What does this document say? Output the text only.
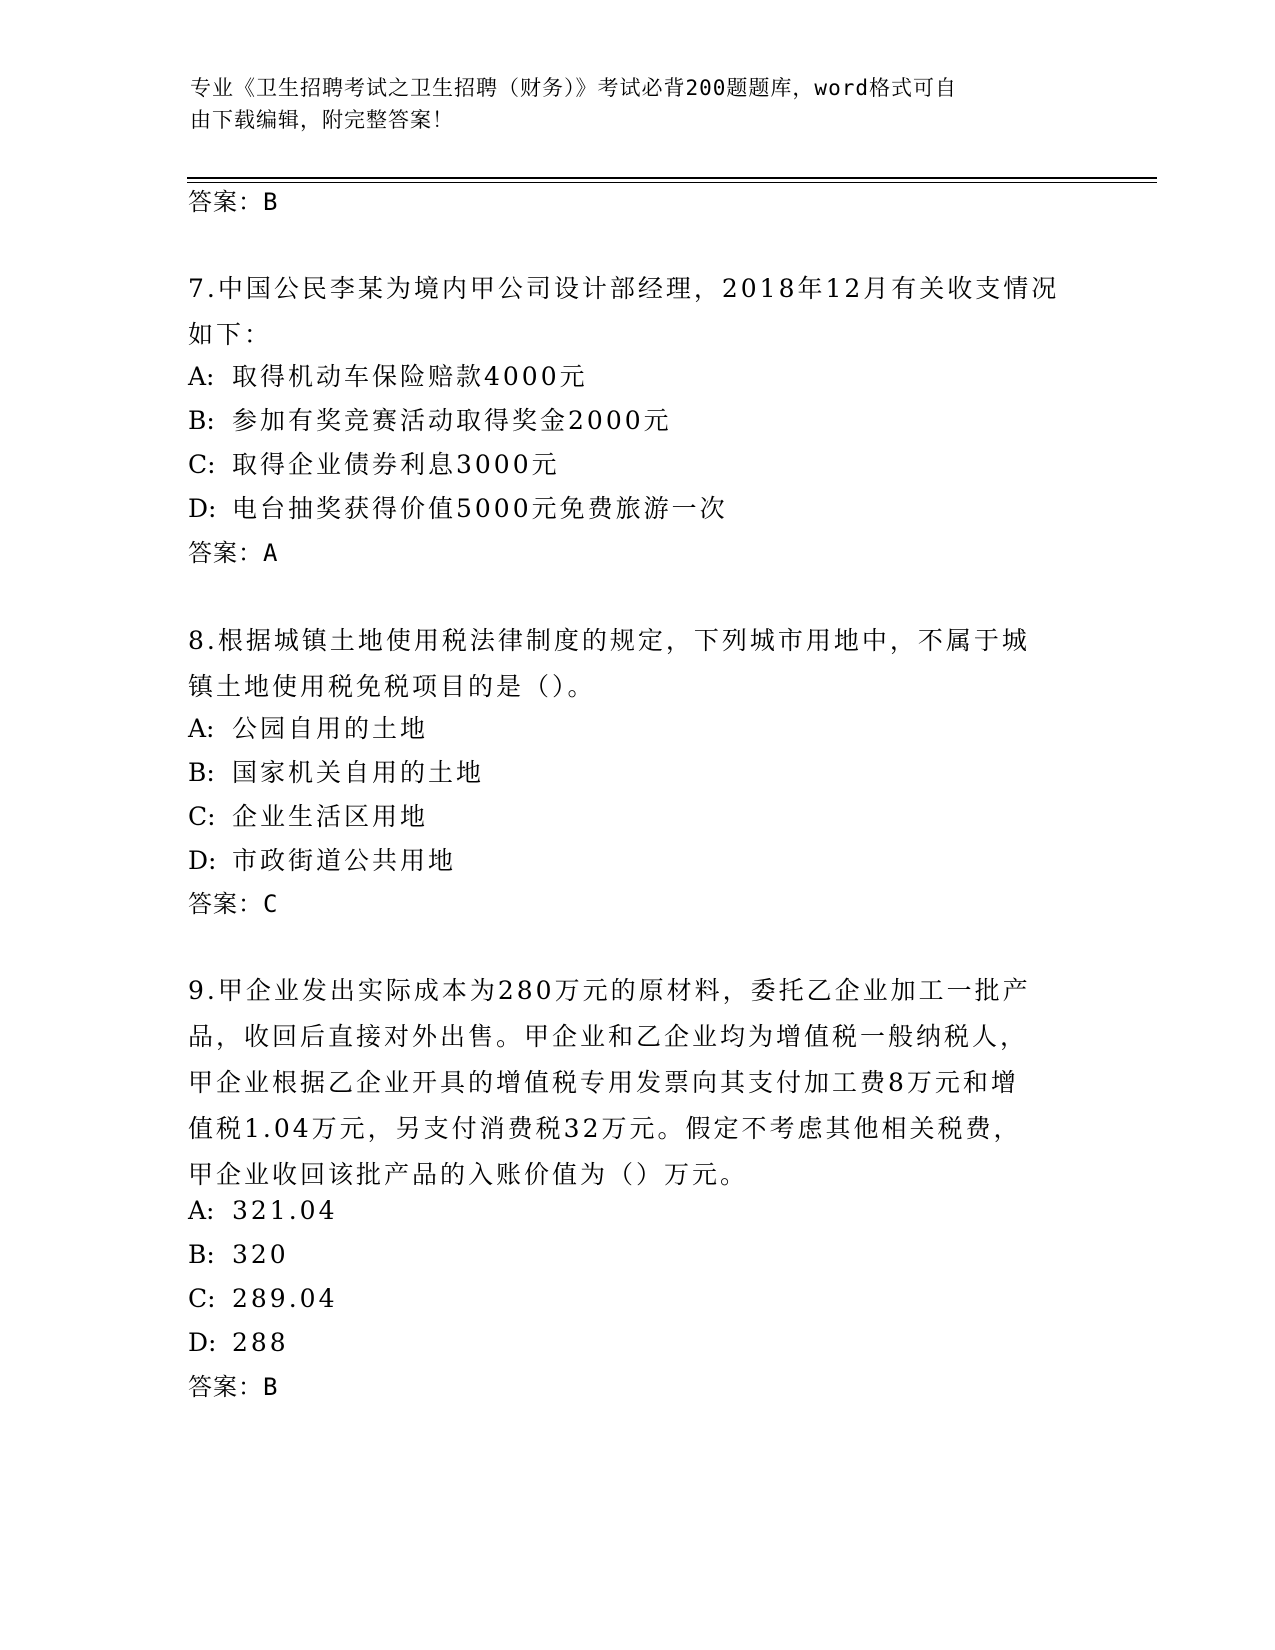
专业《卫生招聘考试之卫生招聘（财务）》考试必背200题题库，word格式可自
由下载编辑，附完整答案！
答案：B
7.中国公民李某为境内甲公司设计部经理，2018年12月有关收支情况
如下：
A: 取得机动车保险赔款4000元
B: 参加有奖竞赛活动取得奖金2000元
C: 取得企业债券利息3000元
D: 电台抽奖获得价值5000元免费旅游一次
答案：A
8.根据城镇土地使用税法律制度的规定，下列城市用地中，不属于城
镇土地使用税免税项目的是（）。
A: 公园自用的土地
B: 国家机关自用的土地
C: 企业生活区用地
D: 市政街道公共用地
答案：C
9.甲企业发出实际成本为280万元的原材料，委托乙企业加工一批产
品，收回后直接对外出售。甲企业和乙企业均为增值税一般纳税人，
甲企业根据乙企业开具的增值税专用发票向其支付加工费8万元和增
值税1.04万元，另支付消费税32万元。假定不考虑其他相关税费，
甲企业收回该批产品的入账价值为（）万元。
A: 321.04
B: 320
C: 289.04
D: 288
答案：B
